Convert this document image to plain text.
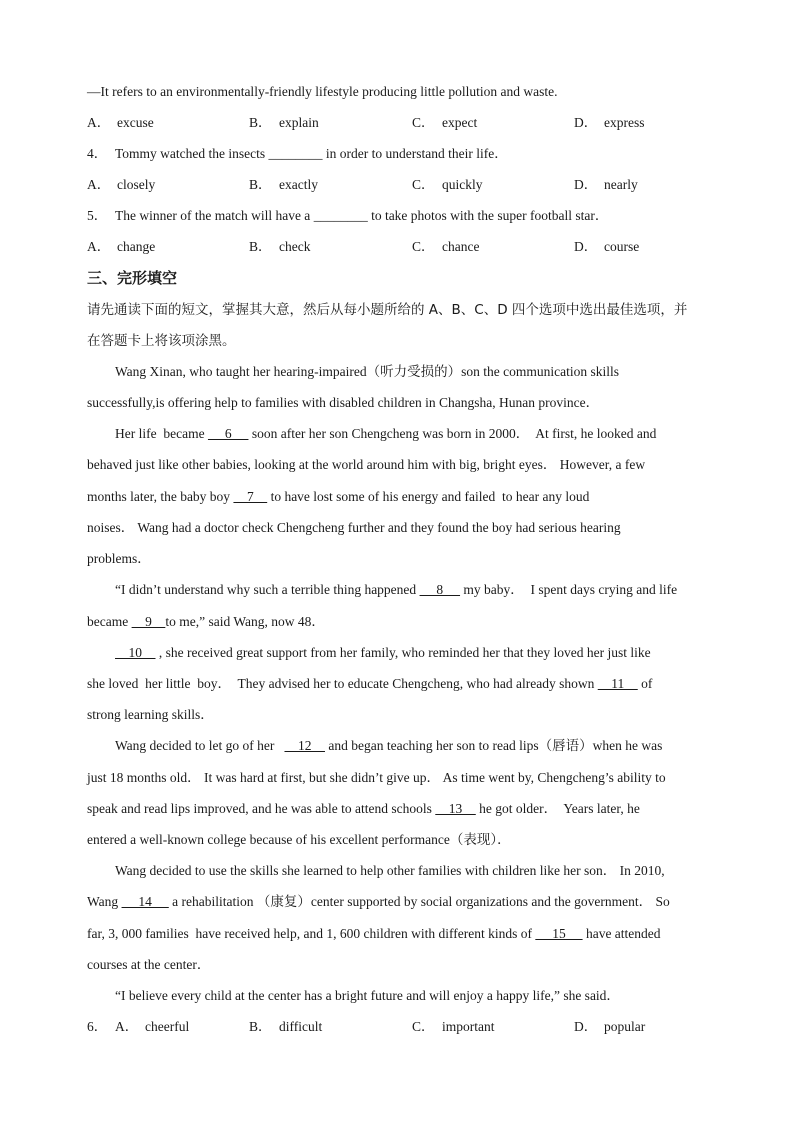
—It refers to an environmentally-friendly lifestyle producing little pollution and waste.
A． excuse	B． explain	C． expect	D． express
4． Tommy watched the insects ________ in order to understand their life．
A． closely	B． exactly	C． quickly	D． nearly
5． The winner of the match will have a ________ to take photos with the super football star．
A． change	B． check	C． chance	D． course
三、完形填空
请先通读下面的短文，掌握其大意，然后从每小题所给的 A、B、C、D 四个选项中选出最佳选项，并
在答题卡上将该项涂黑。
Wang Xinan, who taught her hearing-impaired（听力受损的）son the communication skills
successfully,is offering help to families with disabled children in Changsha, Hunan province．
Her life  became      6      soon after her son Chengcheng was born in 2000．  At first, he looked and
behaved just like other babies, looking at the world around him with big, bright eyes． However, a few
months later, the baby boy     7     to have lost some of his energy and failed  to hear any loud
noises． Wang had a doctor check Chengcheng further and they found the boy had serious hearing
problems．
“I didn’t understand why such a terrible thing happened      8      my baby．  I spent days crying and life
became     9    to me,” said Wang, now 48．
10     , she received great support from her family, who reminded her that they loved her just like
she loved  her little  boy．  They advised her to educate Chengcheng, who had already shown     11     of
strong learning skills．
Wang decided to let go of her       12     and began teaching her son to read lips（唇语）when he was
just 18 months old． It was hard at first, but she didn’t give up． As time went by, Chengcheng’s ability to
speak and read lips improved, and he was able to attend schools     13     he got older．  Years later, he
entered a well-known college because of his excellent performance（表现）．
Wang decided to use the skills she learned to help other families with children like her son． In 2010,
Wang      14      a rehabilitation （康复）center supported by social organizations and the government． So
far, 3, 000 families  have received help, and 1, 600 children with different kinds of      15      have attended
courses at the center．
“I believe every child at the center has a bright future and will enjoy a happy life,” she said．
6． A． cheerful	B． difficult	C． important	D． popular
